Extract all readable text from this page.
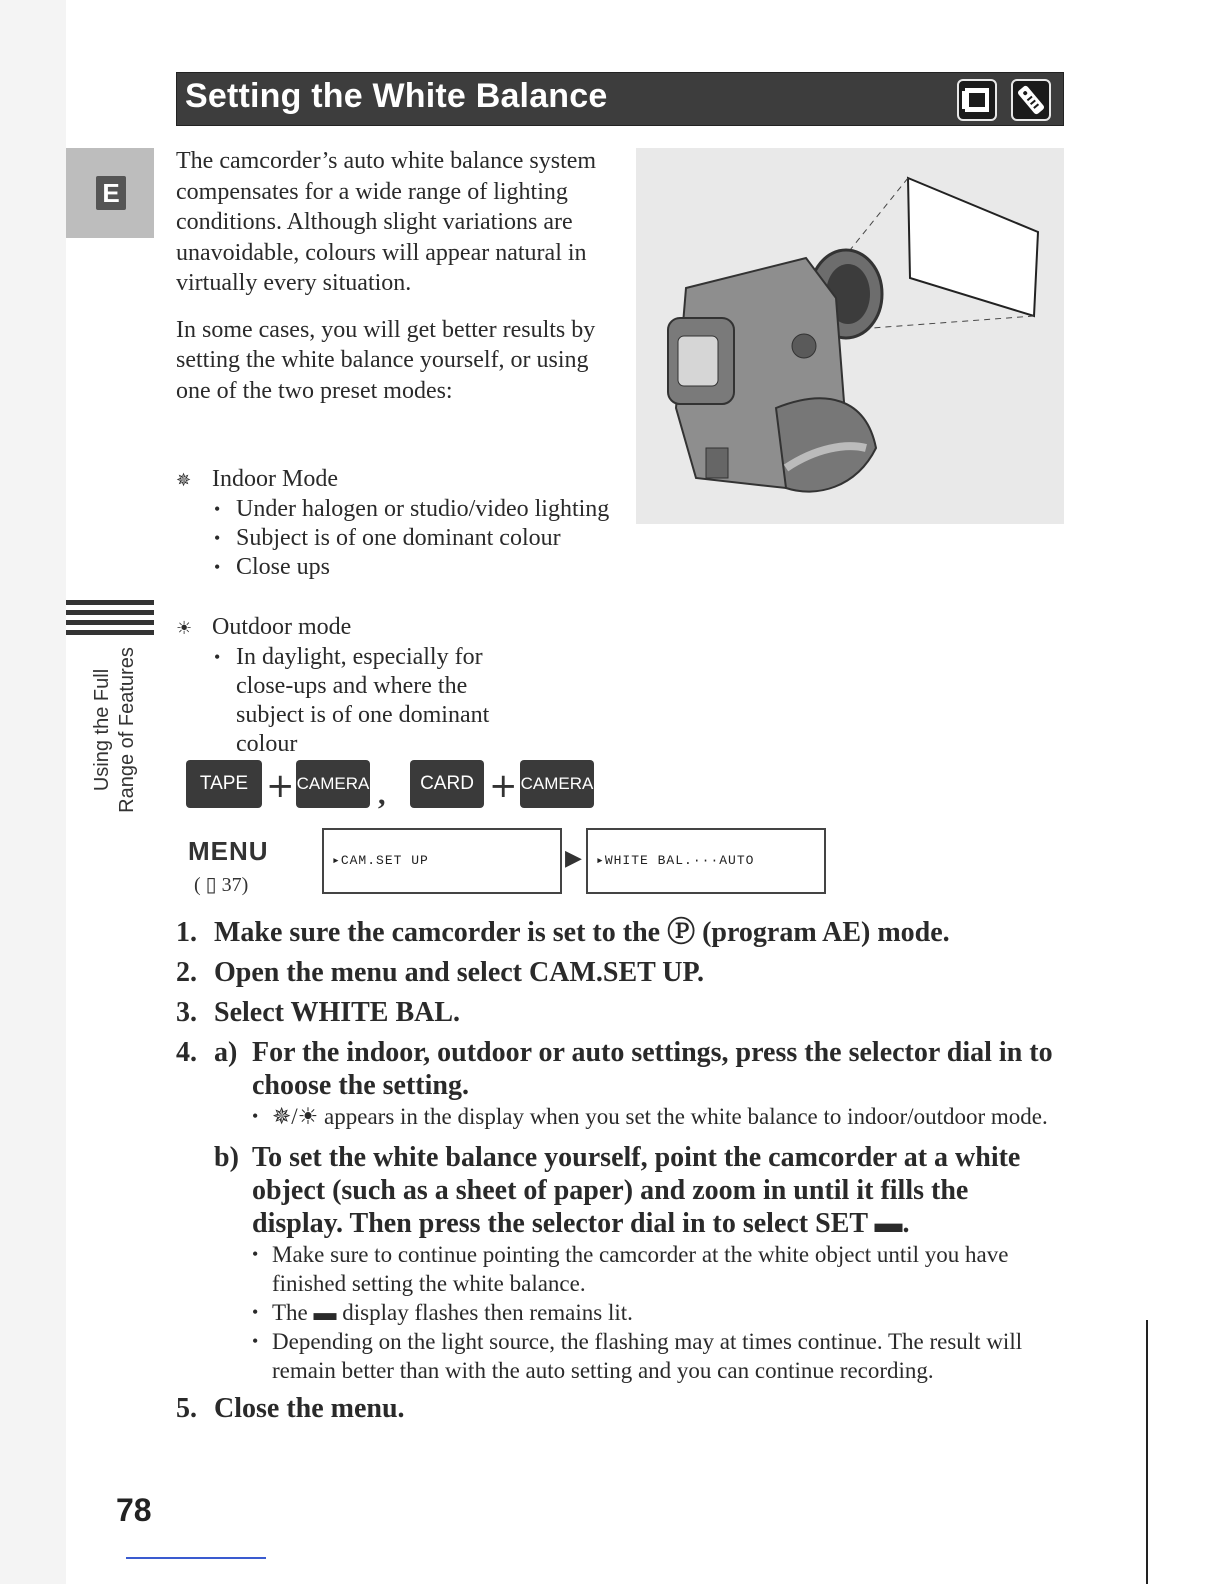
Setting the White Balance
E
Using the Full Range of Features

The camcorder’s auto white balance system compensates for a wide range of lighting conditions. Although slight variations are unavoidable, colours will appear natural in virtually every situation.

In some cases, you will get better results by setting the white balance yourself, or using one of the two preset modes:

✵ Indoor Mode
• Under halogen or studio/video lighting
• Subject is of one dominant colour
• Close ups
☀ Outdoor mode
• In daylight, especially for close-ups and where the subject is of one dominant colour
TAPE + CAMERA ,	CARD + CAMERA
MENU
( ▯ 37)
▸CAM.SET UP	▶	▸WHITE BAL.···AUTO
1. Make sure the camcorder is set to the Ⓟ (program AE) mode.
2. Open the menu and select CAM.SET UP.
3. Select WHITE BAL.
4. a) For the indoor, outdoor or auto settings, press the selector dial in to choose the setting.
• ✵/☀ appears in the display when you set the white balance to indoor/outdoor mode.
b) To set the white balance yourself, point the camcorder at a white object (such as a sheet of paper) and zoom in until it fills the display. Then press the selector dial in to select SET ▬.
• Make sure to continue pointing the camcorder at the white object until you have finished setting the white balance.
• The ▬ display flashes then remains lit.
• Depending on the light source, the flashing may at times continue. The result will remain better than with the auto setting and you can continue recording.
5. Close the menu.
78
